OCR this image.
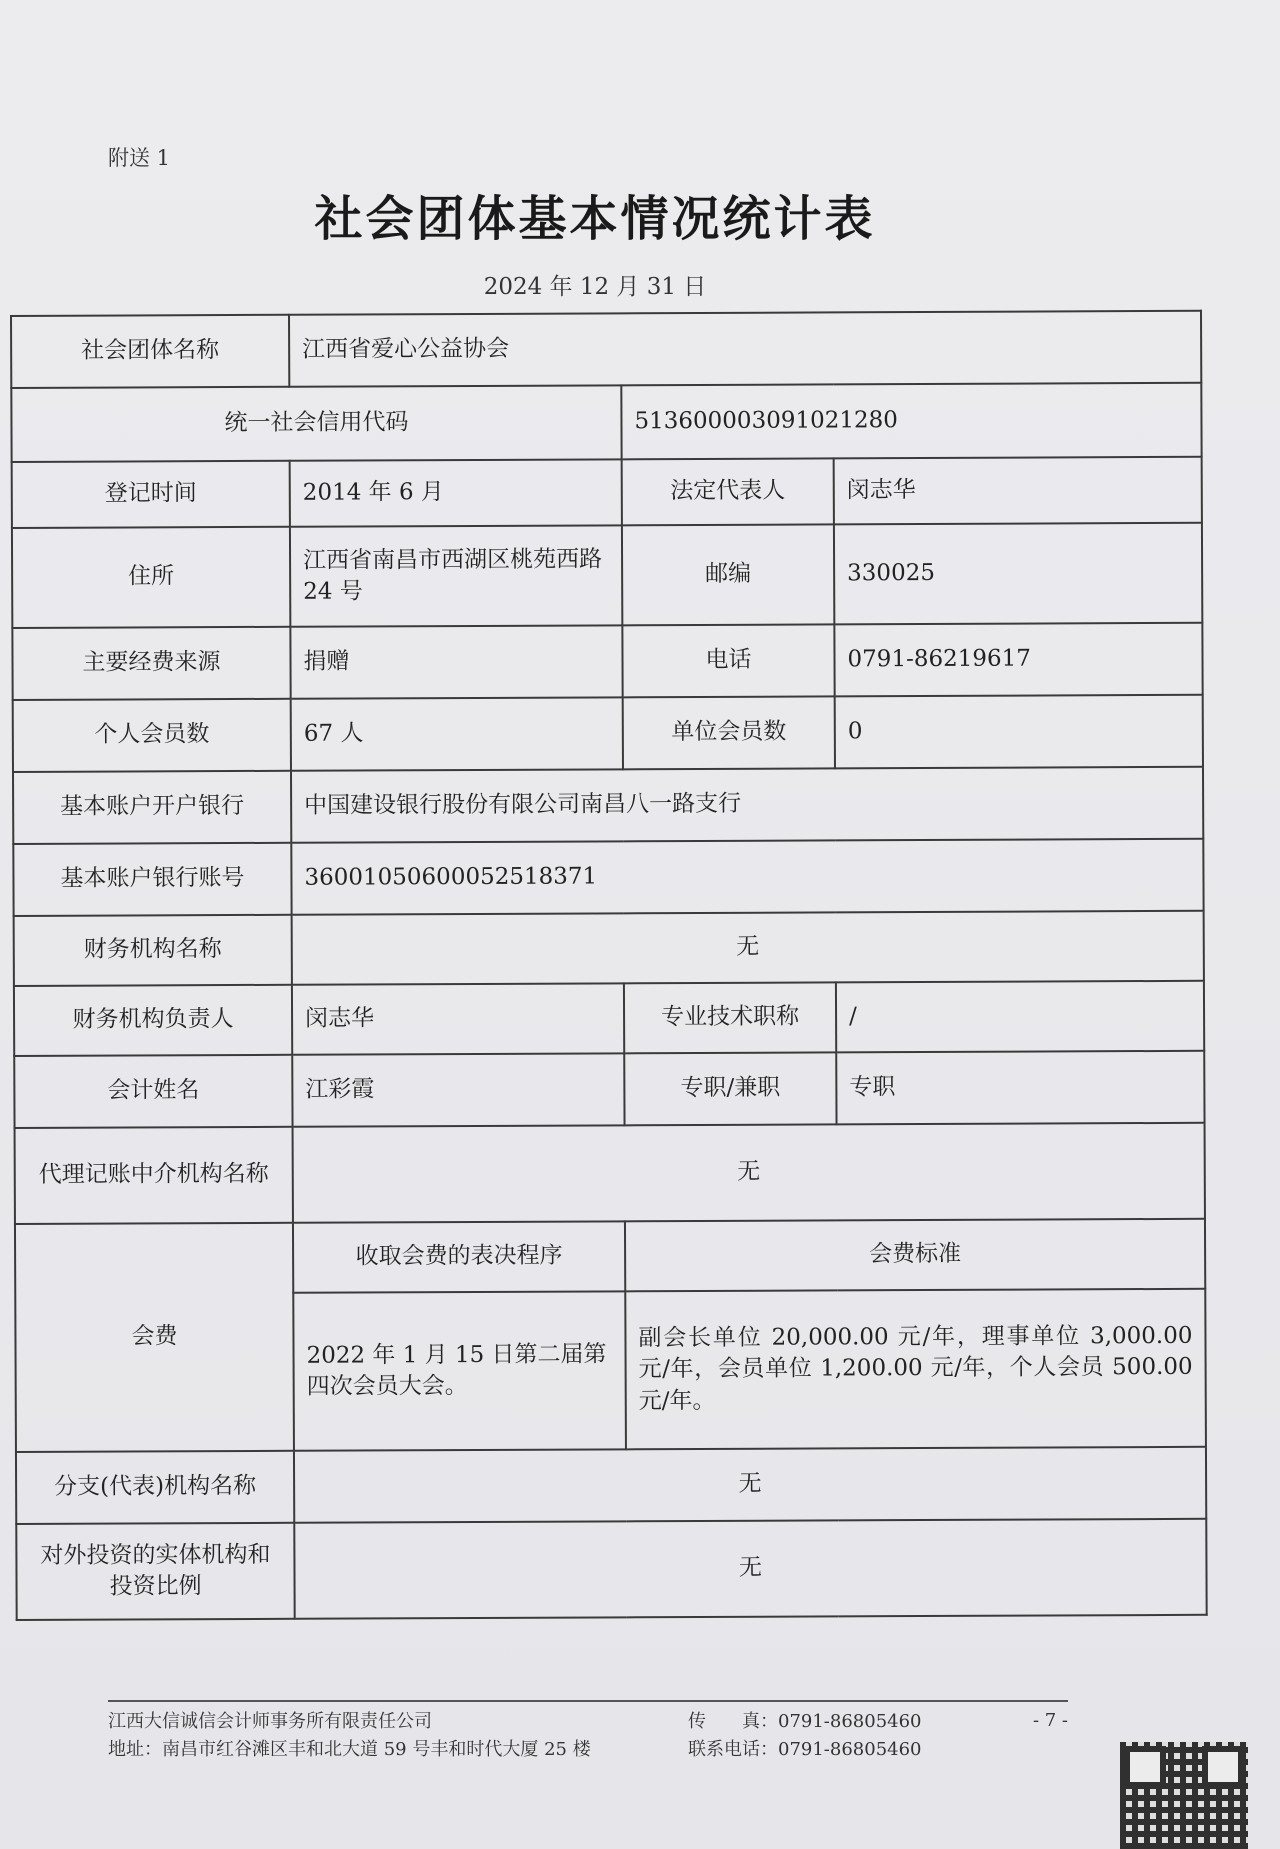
附送 1
社会团体基本情况统计表
2024 年 12 月 31 日
社会团体名称	江西省爱心公益协会		
统一社会信用代码		513600003091021280	
登记时间	2014 年 6 月	法定代表人	闵志华
住所	江西省南昌市西湖区桃苑西路 24 号	邮编	330025
主要经费来源	捐赠	电话	0791-86219617
个人会员数	67 人	单位会员数	0
基本账户开户银行	中国建设银行股份有限公司南昌八一路支行		
基本账户银行账号	36001050600052518371		
财务机构名称	无		
财务机构负责人	闵志华	专业技术职称	/
会计姓名	江彩霞	专职/兼职	专职
代理记账中介机构名称	无		
会费	收取会费的表决程序	会费标准	
	2022 年 1 月 15 日第二届第四次会员大会。	副会长单位 20,000.00 元/年，理事单位 3,000.00 元/年，会员单位 1,200.00 元/年，个人会员 500.00 元/年。	
分支(代表)机构名称	无		
对外投资的实体机构和投资比例	无		
江西大信诚信会计师事务所有限责任公司	传　　真：0791-86805460
地址：南昌市红谷滩区丰和北大道 59 号丰和时代大厦 25 楼	联系电话：0791-86805460
- 7 -
